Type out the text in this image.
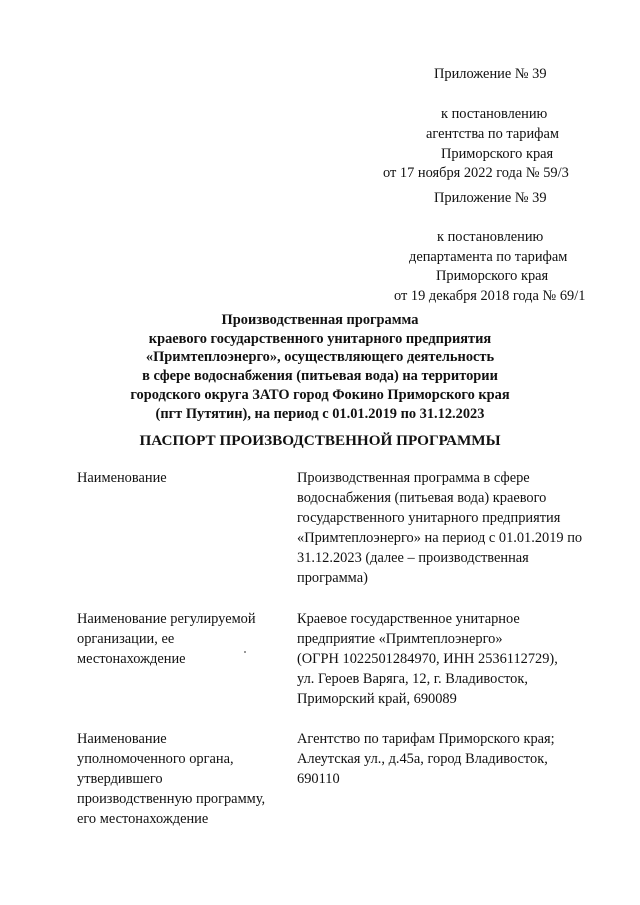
Приложение № 39
к постановлению
агентства по тарифам
Приморского края
от 17 ноября 2022 года № 59/3
Приложение № 39
к постановлению
департамента по тарифам
Приморского края
от 19 декабря 2018 года № 69/1
Производственная программа
краевого государственного унитарного предприятия
«Примтеплоэнерго», осуществляющего деятельность
в сфере водоснабжения (питьевая вода) на территории
городского округа ЗАТО город Фокино Приморского края
(пгт Путятин), на период с 01.01.2019 по 31.12.2023
ПАСПОРТ ПРОИЗВОДСТВЕННОЙ ПРОГРАММЫ
Наименование	Производственная программа в сфере
водоснабжения (питьевая вода) краевого
государственного унитарного предприятия
«Примтеплоэнерго» на период с 01.01.2019 по
31.12.2023 (далее – производственная
программа)
Наименование регулируемой
организации, ее
местонахождение
Краевое государственное унитарное
предприятие «Примтеплоэнерго»
(ОГРН 1022501284970, ИНН 2536112729),
ул. Героев Варяга, 12, г. Владивосток,
Приморский край, 690089
Наименование
уполномоченного органа,
утвердившего
производственную программу,
его местонахождение
Агентство по тарифам Приморского края;
Алеутская ул., д.45а, город Владивосток,
690110
